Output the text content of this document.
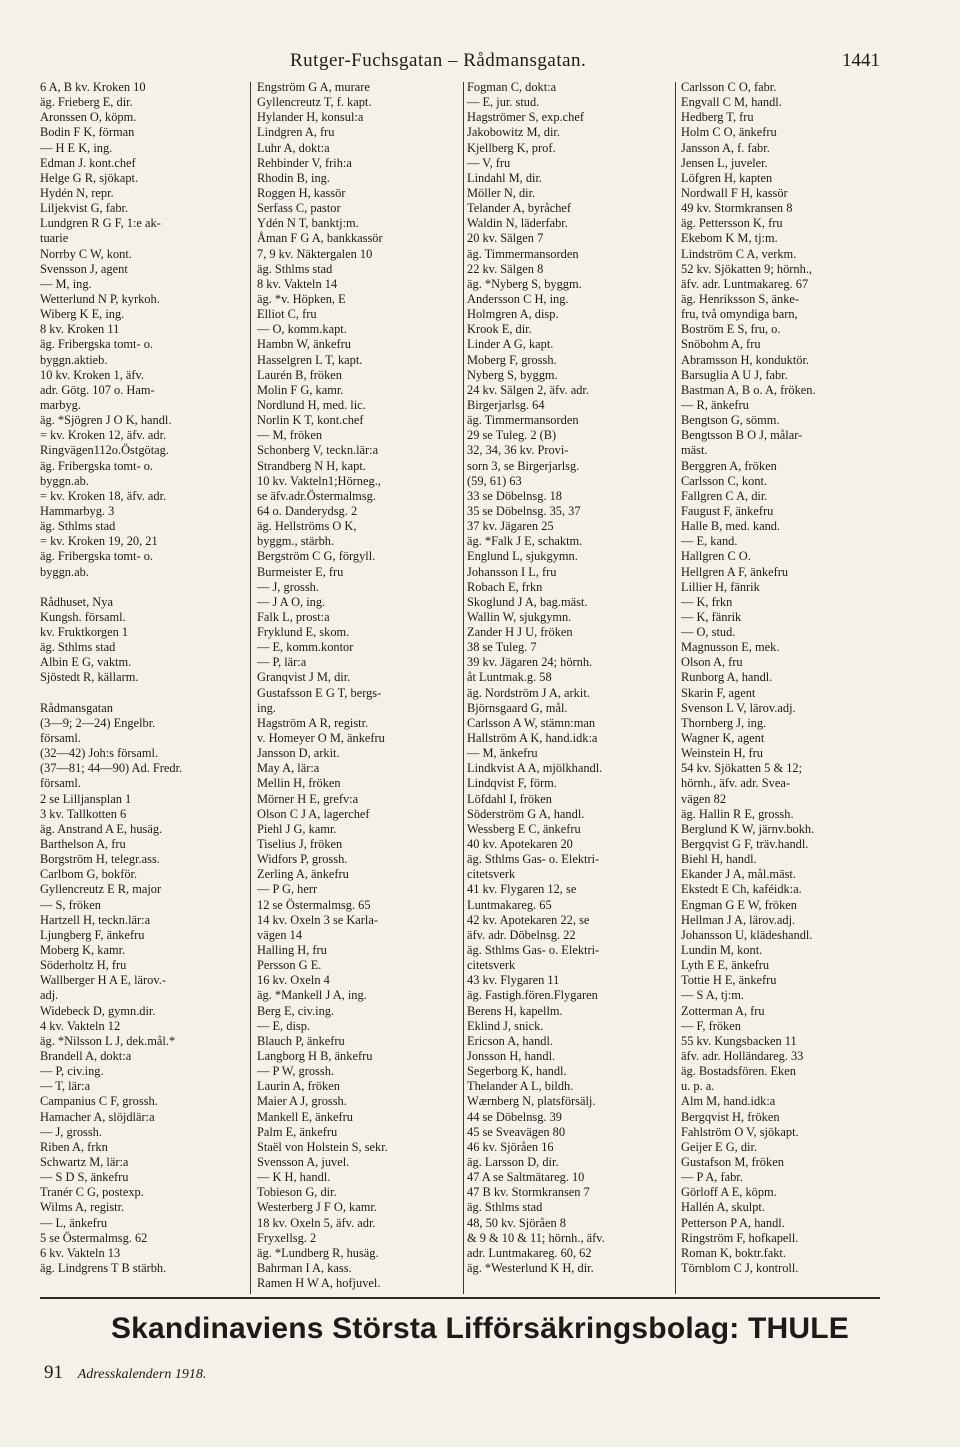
Rutger-Fuchsgatan – Rådmansgatan.	1441
6 A, B kv. Kroken 10
äg. Frieberg E, dir.
Aronssen O, köpm.
Bodin F K, förman
— H E K, ing.
Edman J. kont.chef
Helge G R, sjökapt.
Hydén N, repr.
Liljekvist G, fabr.
Lundgren R G F, 1:e ak-
tuarie
Norrby C W, kont.
Svensson J, agent
— M, ing.
Wetterlund N P, kyrkoh.
Wiberg K E, ing.
8 kv. Kroken 11
äg. Fribergska tomt- o.
byggn.aktieb.
10 kv. Kroken 1, äfv.
adr. Götg. 107 o. Ham-
marbyg.
äg. *Sjögren J O K, handl.
= kv. Kroken 12, äfv. adr.
Ringvägen112o.Östgötag.
äg. Fribergska tomt- o.
byggn.ab.
= kv. Kroken 18, äfv. adr.
Hammarbyg. 3
äg. Sthlms stad
= kv. Kroken 19, 20, 21
äg. Fribergska tomt- o.
byggn.ab.
Rådhuset, Nya
Kungsh. församl.
kv. Fruktkorgen 1
äg. Sthlms stad
Albin E G, vaktm.
Sjöstedt R, källarm.
Rådmansgatan
(3—9; 2—24) Engelbr.
församl.
(32—42) Joh:s församl.
(37—81; 44—90) Ad. Fredr.
församl.
2 se Lilljansplan 1
3 kv. Tallkotten 6
äg. Anstrand A E, husäg.
Barthelson A, fru
Borgström H, telegr.ass.
Carlbom G, bokför.
Gyllencreutz E R, major
— S, fröken
Hartzell H, teckn.lär:a
Ljungberg F, änkefru
Moberg K, kamr.
Söderholtz H, fru
Wallberger H A E, lärov.-
adj.
Widebeck D, gymn.dir.
4 kv. Vakteln 12
äg. *Nilsson L J, dek.mål.*
Brandell A, dokt:a
— P, civ.ing.
— T, lär:a
Campanius C F, grossh.
Hamacher A, slöjdlär:a
— J, grossh.
Riben A, frkn
Schwartz M, lär:a
— S D S, änkefru
Tranér C G, postexp.
Wilms A, registr.
— L, änkefru
5 se Östermalmsg. 62
6 kv. Vakteln 13
äg. Lindgrens T B stärbh.
Engström G A, murare
Gyllencreutz T, f. kapt.
Hylander H, konsul:a
Lindgren A, fru
Luhr A, dokt:a
Rehbinder V, frih:a
Rhodin B, ing.
Roggen H, kassör
Serfass C, pastor
Ydén N T, banktj:m.
Åman F G A, bankkassör
7, 9 kv. Näktergalen 10
äg. Sthlms stad
8 kv. Vakteln 14
äg. *v. Höpken, E
Elliot C, fru
— O, komm.kapt.
Hambn W, änkefru
Hasselgren L T, kapt.
Laurén B, fröken
Molin F G, kamr.
Nordlund H, med. lic.
Norlin K T, kont.chef
— M, fröken
Schonberg V, teckn.lär:a
Strandberg N H, kapt.
10 kv. Vakteln1;Hörneg.,
se äfv.adr.Östermalmsg.
64 o. Danderydsg. 2
äg. Hellströms O K,
byggm., stärbh.
Bergström C G, förgyll.
Burmeister E, fru
— J, grossh.
— J A O, ing.
Falk L, prost:a
Fryklund E, skom.
— E, komm.kontor
— P, lär:a
Granqvist J M, dir.
Gustafsson E G T, bergs-
ing.
Hagström A R, registr.
v. Homeyer O M, änkefru
Jansson D, arkit.
May A, lär:a
Mellin H, fröken
Mörner H E, grefv:a
Olson C J A, lagerchef
Piehl J G, kamr.
Tiselius J, fröken
Widfors P, grossh.
Zerling A, änkefru
— P G, herr
12 se Östermalmsg. 65
14 kv. Oxeln 3 se Karla-
vägen 14
Halling H, fru
Persson G E.
16 kv. Oxeln 4
äg. *Mankell J A, ing.
Berg E, civ.ing.
— E, disp.
Blauch P, änkefru
Langborg H B, änkefru
— P W, grossh.
Laurin A, fröken
Maier A J, grossh.
Mankell E, änkefru
Palm E, änkefru
Staël von Holstein S, sekr.
Svensson A, juvel.
— K H, handl.
Tobieson G, dir.
Westerberg J F O, kamr.
18 kv. Oxeln 5, äfv. adr.
Fryxellsg. 2
äg. *Lundberg R, husäg.
Bahrman I A, kass.
Ramen H W A, hofjuvel.
Fogman C, dokt:a
— E, jur. stud.
Hagströmer S, exp.chef
Jakobowitz M, dir.
Kjellberg K, prof.
— V, fru
Lindahl M, dir.
Möller N, dir.
Telander A, byråchef
Waldin N, läderfabr.
20 kv. Sälgen 7
äg. Timmermansorden
22 kv. Sälgen 8
äg. *Nyberg S, byggm.
Andersson C H, ing.
Holmgren A, disp.
Krook E, dir.
Linder A G, kapt.
Moberg F, grossh.
Nyberg S, byggm.
24 kv. Sälgen 2, äfv. adr.
Birgerjarlsg. 64
äg. Timmermansorden
29 se Tuleg. 2 (B)
32, 34, 36 kv. Provi-
sorn 3, se Birgerjarlsg.
(59, 61) 63
33 se Döbelnsg. 18
35 se Döbelnsg. 35, 37
37 kv. Jägaren 25
äg. *Falk J E, schaktm.
Englund L, sjukgymn.
Johansson I L, fru
Robach E, frkn
Skoglund J A, bag.mäst.
Wallin W, sjukgymn.
Zander H J U, fröken
38 se Tuleg. 7
39 kv. Jägaren 24; hörnh.
åt Luntmak.g. 58
äg. Nordström J A, arkit.
Björnsgaard G, mål.
Carlsson A W, stämn:man
Hallström A K, hand.idk:a
— M, änkefru
Lindkvist A A, mjölkhandl.
Lindqvist F, förm.
Löfdahl I, fröken
Söderström G A, handl.
Wessberg E C, änkefru
40 kv. Apotekaren 20
äg. Sthlms Gas- o. Elektri-
citetsverk
41 kv. Flygaren 12, se
Luntmakareg. 65
42 kv. Apotekaren 22, se
äfv. adr. Döbelnsg. 22
äg. Sthlms Gas- o. Elektri-
citetsverk
43 kv. Flygaren 11
äg. Fastigh.fören.Flygaren
Berens H, kapellm.
Eklind J, snick.
Ericson A, handl.
Jonsson H, handl.
Segerborg K, handl.
Thelander A L, bildh.
Wærnberg N, platsförsälj.
44 se Döbelnsg. 39
45 se Sveavägen 80
46 kv. Sjöråen 16
äg. Larsson D, dir.
47 A se Saltmätareg. 10
47 B kv. Stormkransen 7
äg. Sthlms stad
48, 50 kv. Sjöråen 8
& 9 & 10 & 11; hörnh., äfv.
adr. Luntmakareg. 60, 62
äg. *Westerlund K H, dir.
Carlsson C O, fabr.
Engvall C M, handl.
Hedberg T, fru
Holm C O, änkefru
Jansson A, f. fabr.
Jensen L, juveler.
Löfgren H, kapten
Nordwall F H, kassör
49 kv. Stormkransen 8
äg. Pettersson K, fru
Ekebom K M, tj:m.
Lindström C A, verkm.
52 kv. Sjökatten 9; hörnh.,
äfv. adr. Luntmakareg. 67
äg. Henriksson S, änke-
fru, två omyndiga barn,
Boström E S, fru, o.
Snöbohm A, fru
Abramsson H, konduktör.
Barsuglia A U J, fabr.
Bastman A, B o. A, fröken.
— R, änkefru
Bengtson G, sömm.
Bengtsson B O J, målar-
mäst.
Berggren A, fröken
Carlsson C, kont.
Fallgren C A, dir.
Faugust F, änkefru
Halle B, med. kand.
— E, kand.
Hallgren C O.
Hellgren A F, änkefru
Lillier H, fänrik
— K, frkn
— K, fänrik
— O, stud.
Magnusson E, mek.
Olson A, fru
Runborg A, handl.
Skarin F, agent
Svenson L V, lärov.adj.
Thornberg J, ing.
Wagner K, agent
Weinstein H, fru
54 kv. Sjökatten 5 & 12;
hörnh., äfv. adr. Svea-
vägen 82
äg. Hallin R E, grossh.
Berglund K W, järnv.bokh.
Bergqvist G F, träv.handl.
Biehl H, handl.
Ekander J A, mål.mäst.
Ekstedt E Ch, kaféidk:a.
Engman G E W, fröken
Hellman J A, lärov.adj.
Johansson U, klädeshandl.
Lundin M, kont.
Lyth E E, änkefru
Tottie H E, änkefru
— S A, tj:m.
Zotterman A, fru
— F, fröken
55 kv. Kungsbacken 11
äfv. adr. Holländareg. 33
äg. Bostadsfören. Eken
u. p. a.
Alm M, hand.idk:a
Bergqvist H, fröken
Fahlström O V, sjökapt.
Geijer E G, dir.
Gustafson M, fröken
— P A, fabr.
Görloff A E, köpm.
Hallén A, skulpt.
Petterson P A, handl.
Ringström F, hofkapell.
Roman K, boktr.fakt.
Törnblom C J, kontroll.
Skandinaviens Största Lifförsäkringsbolag: THULE
91 Adresskalendern 1918.
